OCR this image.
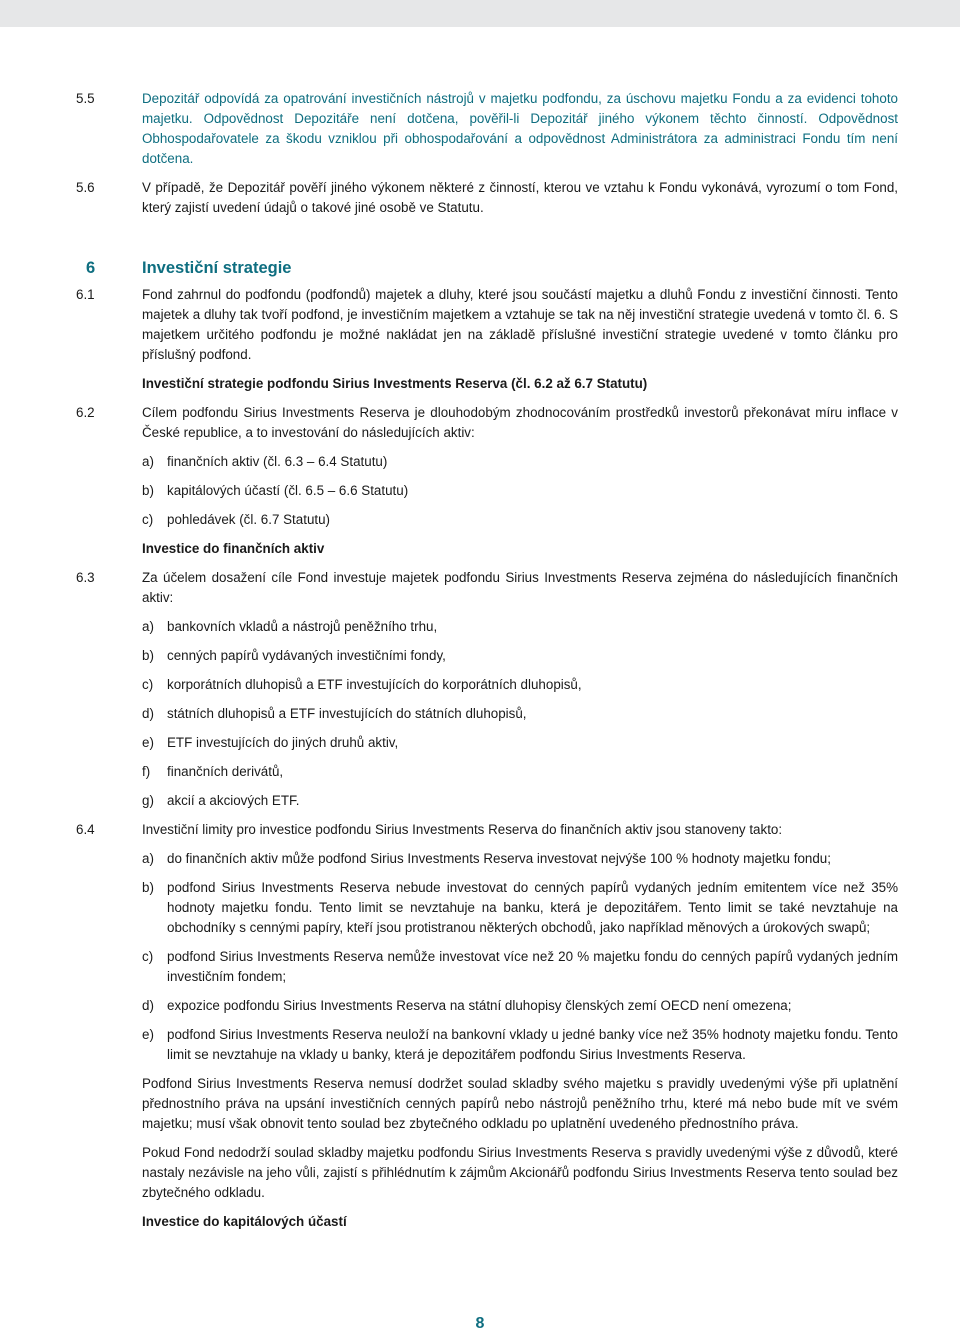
5.5	Depozitář odpovídá za opatrování investičních nástrojů v majetku podfondu, za úschovu majetku Fondu a za evidenci tohoto majetku. Odpovědnost Depozitáře není dotčena, pověřil-li Depozitář jiného výkonem těchto činností. Odpovědnost Obhospodařovatele za škodu vzniklou při obhospodařování a odpovědnost Administrátora za administraci Fondu tím není dotčena.
5.6	V případě, že Depozitář pověří jiného výkonem některé z činností, kterou ve vztahu k Fondu vykonává, vyrozumí o tom Fond, který zajistí uvedení údajů o takové jiné osobě ve Statutu.
6	Investiční strategie
6.1	Fond zahrnul do podfondu (podfondů) majetek a dluhy, které jsou součástí majetku a dluhů Fondu z investiční činnosti. Tento majetek a dluhy tak tvoří podfond, je investičním majetkem a vztahuje se tak na něj investiční strategie uvedená v tomto čl. 6. S majetkem určitého podfondu je možné nakládat jen na základě příslušné investiční strategie uvedené v tomto článku pro příslušný podfond.
Investiční strategie podfondu Sirius Investments Reserva (čl. 6.2 až 6.7 Statutu)
6.2	Cílem podfondu Sirius Investments Reserva je dlouhodobým zhodnocováním prostředků investorů překonávat míru inflace v České republice, a to investování do následujících aktiv:
a) finančních aktiv (čl. 6.3 – 6.4 Statutu)
b) kapitálových účastí (čl. 6.5 – 6.6 Statutu)
c)	pohledávek (čl. 6.7 Statutu)
Investice do finančních aktiv
6.3	Za účelem dosažení cíle Fond investuje majetek podfondu Sirius Investments Reserva zejména do následujících finančních aktiv:
a) bankovních vkladů a nástrojů peněžního trhu,
b) cenných papírů vydávaných investičními fondy,
c)	korporátních dluhopisů a ETF investujících do korporátních dluhopisů,
d) státních dluhopisů a ETF investujících do státních dluhopisů,
e) ETF investujících do jiných druhů aktiv,
f)	finančních derivátů,
g) akcií a akciových ETF.
6.4	Investiční limity pro investice podfondu Sirius Investments Reserva do finančních aktiv jsou stanoveny takto:
a) do finančních aktiv může podfond Sirius Investments Reserva investovat nejvýše 100 % hodnoty majetku fondu;
b) podfond Sirius Investments Reserva nebude investovat do cenných papírů vydaných jedním emitentem více než 35% hodnoty majetku fondu. Tento limit se nevztahuje na banku, která je depozitářem. Tento limit se také nevztahuje na obchodníky s cennými papíry, kteří jsou protistranou některých obchodů, jako například měnových a úrokových swapů;
c)	podfond Sirius Investments Reserva nemůže investovat více než 20 % majetku fondu do cenných papírů vydaných jedním investičním fondem;
d) expozice podfondu Sirius Investments Reserva na státní dluhopisy členských zemí OECD není omezena;
e) podfond Sirius Investments Reserva neuloží na bankovní vklady u jedné banky více než 35% hodnoty majetku fondu. Tento limit se nevztahuje na vklady u banky, která je depozitářem podfondu Sirius Investments Reserva.
Podfond Sirius Investments Reserva nemusí dodržet soulad skladby svého majetku s pravidly uvedenými výše při uplatnění přednostního práva na upsání investičních cenných papírů nebo nástrojů peněžního trhu, které má nebo bude mít ve svém majetku; musí však obnovit tento soulad bez zbytečného odkladu po uplatnění uvedeného přednostního práva.
Pokud Fond nedodrží soulad skladby majetku podfondu Sirius Investments Reserva s pravidly uvedenými výše z důvodů, které nastaly nezávisle na jeho vůli, zajistí s přihlédnutím k zájmům Akcionářů podfondu Sirius Investments Reserva tento soulad bez zbytečného odkladu.
Investice do kapitálových účastí
8
